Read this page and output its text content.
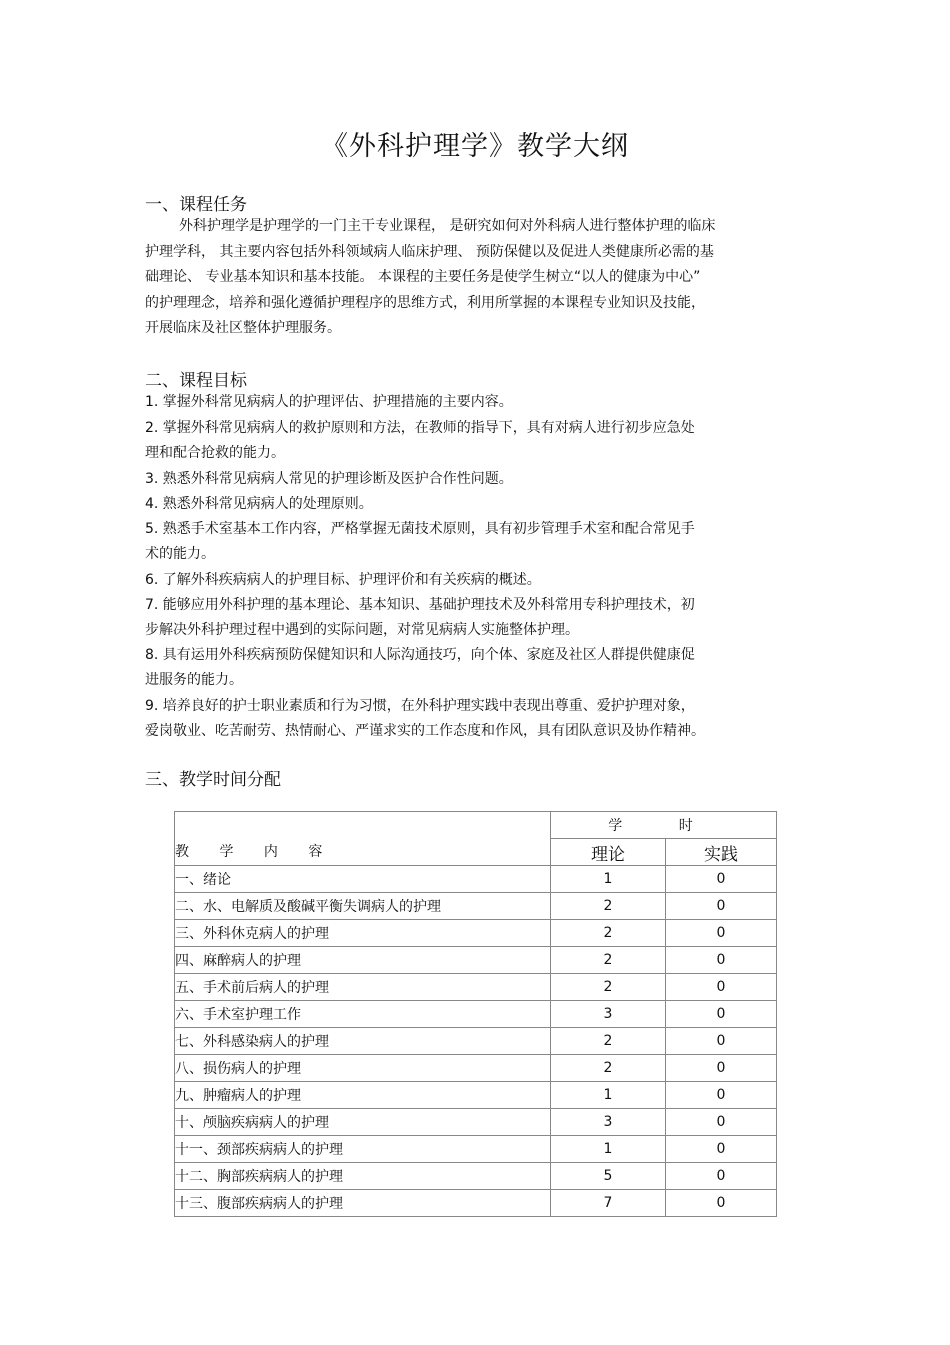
《外科护理学》教学大纲
一、课程任务
外科护理学是护理学的一门主干专业课程， 是研究如何对外科病人进行整体护理的临床
护理学科， 其主要内容包括外科领域病人临床护理、 预防保健以及促进人类健康所必需的基
础理论、 专业基本知识和基本技能。 本课程的主要任务是使学生树立“以人的健康为中心”
的护理理念，培养和强化遵循护理程序的思维方式，利用所掌握的本课程专业知识及技能，
开展临床及社区整体护理服务。
二、课程目标
1. 掌握外科常见病病人的护理评估、护理措施的主要内容。
2. 掌握外科常见病病人的救护原则和方法，在教师的指导下，具有对病人进行初步应急处
理和配合抢救的能力。
3. 熟悉外科常见病病人常见的护理诊断及医护合作性问题。
4. 熟悉外科常见病病人的处理原则。
5. 熟悉手术室基本工作内容，严格掌握无菌技术原则，具有初步管理手术室和配合常见手
术的能力。
6. 了解外科疾病病人的护理目标、护理评价和有关疾病的概述。
7. 能够应用外科护理的基本理论、基本知识、基础护理技术及外科常用专科护理技术，初
步解决外科护理过程中遇到的实际问题，对常见病病人实施整体护理。
8. 具有运用外科疾病预防保健知识和人际沟通技巧，向个体、家庭及社区人群提供健康促
进服务的能力。
9. 培养良好的护士职业素质和行为习惯，在外科护理实践中表现出尊重、爱护护理对象，
爱岗敬业、吃苦耐劳、热情耐心、严谨求实的工作态度和作风，具有团队意识及协作精神。
三、教学时间分配
教 学 内 容	学 时	
	理论	实践
一、绪论	1	0
二、水、电解质及酸碱平衡失调病人的护理	2	0
三、外科休克病人的护理	2	0
四、麻醉病人的护理	2	0
五、手术前后病人的护理	2	0
六、手术室护理工作	3	0
七、外科感染病人的护理	2	0
八、损伤病人的护理	2	0
九、肿瘤病人的护理	1	0
十、颅脑疾病病人的护理	3	0
十一、颈部疾病病人的护理	1	0
十二、胸部疾病病人的护理	5	0
十三、腹部疾病病人的护理	7	0
